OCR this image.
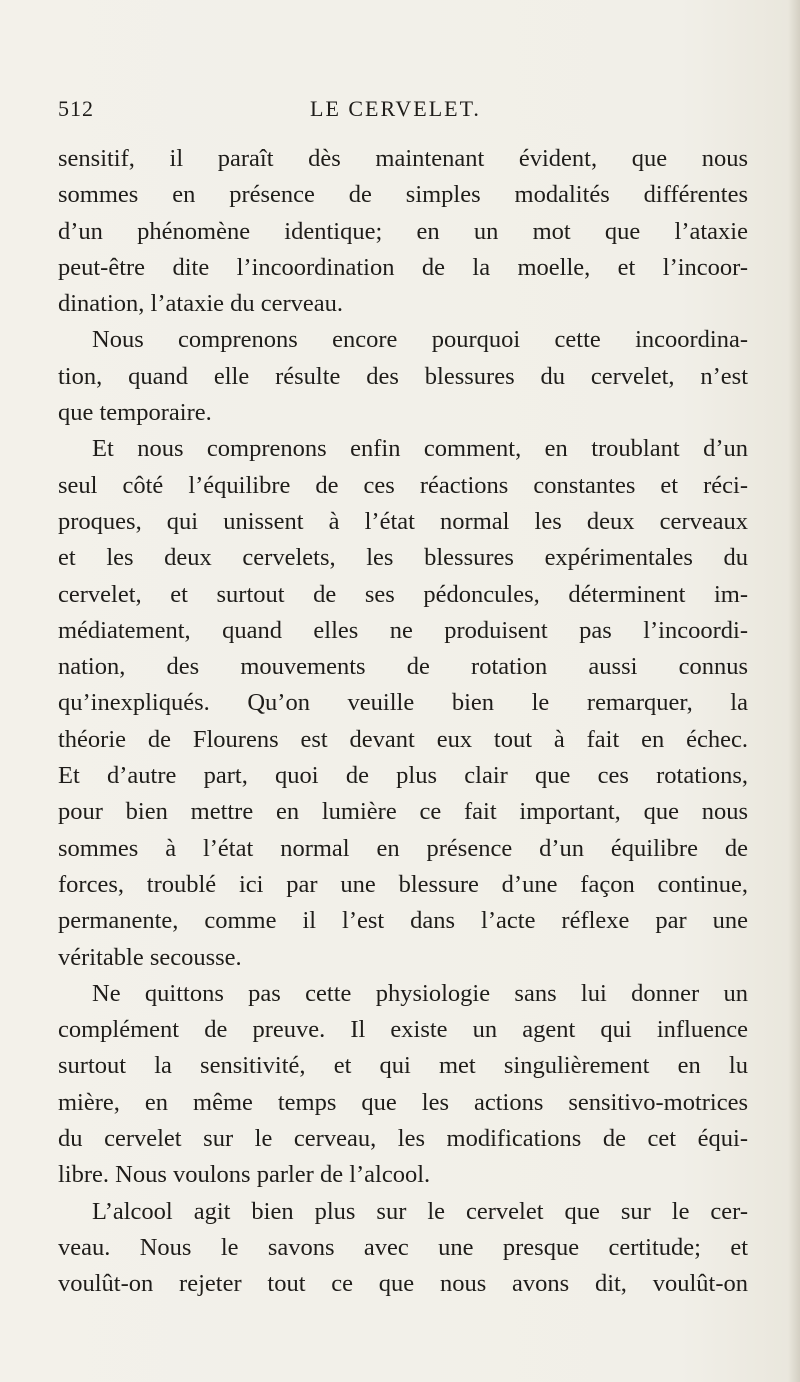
512	LE CERVELET.
sensitif, il paraît dès maintenant évident, que nous
sommes en présence de simples modalités différentes
d’un phénomène identique; en un mot que l’ataxie
peut-être dite l’incoordination de la moelle, et l’incoor-
dination, l’ataxie du cerveau.
Nous comprenons encore pourquoi cette incoordina-
tion, quand elle résulte des blessures du cervelet, n’est
que temporaire.
Et nous comprenons enfin comment, en troublant d’un
seul côté l’équilibre de ces réactions constantes et réci-
proques, qui unissent à l’état normal les deux cerveaux
et les deux cervelets, les blessures expérimentales du
cervelet, et surtout de ses pédoncules, déterminent im-
médiatement, quand elles ne produisent pas l’incoordi-
nation, des mouvements de rotation aussi connus
qu’inexpliqués. Qu’on veuille bien le remarquer, la
théorie de Flourens est devant eux tout à fait en échec.
Et d’autre part, quoi de plus clair que ces rotations,
pour bien mettre en lumière ce fait important, que nous
sommes à l’état normal en présence d’un équilibre de
forces, troublé ici par une blessure d’une façon continue,
permanente, comme il l’est dans l’acte réflexe par une
véritable secousse.
Ne quittons pas cette physiologie sans lui donner un
complément de preuve. Il existe un agent qui influence
surtout la sensitivité, et qui met singulièrement en lu
mière, en même temps que les actions sensitivo-motrices
du cervelet sur le cerveau, les modifications de cet équi-
libre. Nous voulons parler de l’alcool.
L’alcool agit bien plus sur le cervelet que sur le cer-
veau. Nous le savons avec une presque certitude; et
voulût-on rejeter tout ce que nous avons dit, voulût-on
